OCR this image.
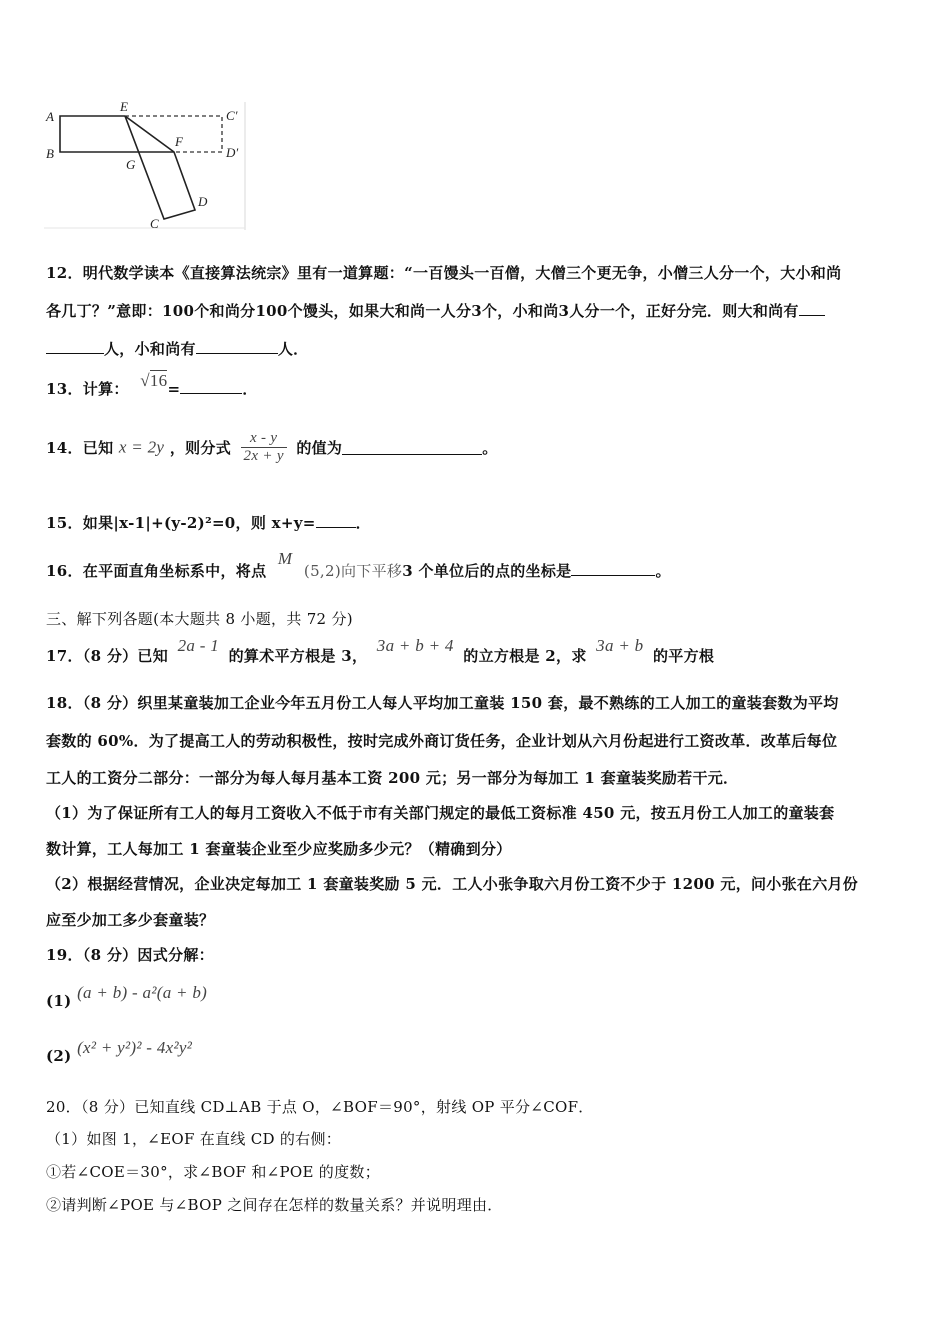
A
B
E
C′
D′
F
G
C
D
12．明代数学读本《直接算法统宗》里有一道算题：“一百馒头一百僧，大僧三个更无争，小僧三人分一个，大小和尚
各几丁？”意即：100个和尚分100个馒头，如果大和尚一人分3个，小和尚3人分一个，正好分完．则大和尚有
人，小和尚有	人．
13．计算： √16=	．
14．已知 x = 2y ，则分式 $\frac{x - y}{2x + y}$ 的值为	。
15．如果|x-1|+(y-2)²=0，则 x+y=	．
16．在平面直角坐标系中，将点 M (5,2)向下平移3 个单位后的点的坐标是	。
三、解下列各题(本大题共 8 小题，共 72 分)
17．（8 分）已知 2a - 1 的算术平方根是 3， 3a + b + 4 的立方根是 2，求 3a + b 的平方根
18．（8 分）织里某童装加工企业今年五月份工人每人平均加工童装 150 套，最不熟练的工人加工的童装套数为平均
套数的 60%．为了提高工人的劳动积极性，按时完成外商订货任务，企业计划从六月份起进行工资改革．改革后每位
工人的工资分二部分：一部分为每人每月基本工资 200 元；另一部分为每加工 1 套童装奖励若干元．
（1）为了保证所有工人的每月工资收入不低于市有关部门规定的最低工资标准 450 元，按五月份工人加工的童装套
数计算，工人每加工 1 套童装企业至少应奖励多少元？（精确到分）
（2）根据经营情况，企业决定每加工 1 套童装奖励 5 元．工人小张争取六月份工资不少于 1200 元，问小张在六月份
应至少加工多少套童装？
19．（8 分）因式分解：
(1) (a + b) - a²(a + b)
(2) (x² + y²)² - 4x²y²
20．（8 分）已知直线 CD⊥AB 于点 O，∠BOF＝90°，射线 OP 平分∠COF．
（1）如图 1，∠EOF 在直线 CD 的右侧：
①若∠COE＝30°，求∠BOF 和∠POE 的度数；
②请判断∠POE 与∠BOP 之间存在怎样的数量关系？并说明理由．
